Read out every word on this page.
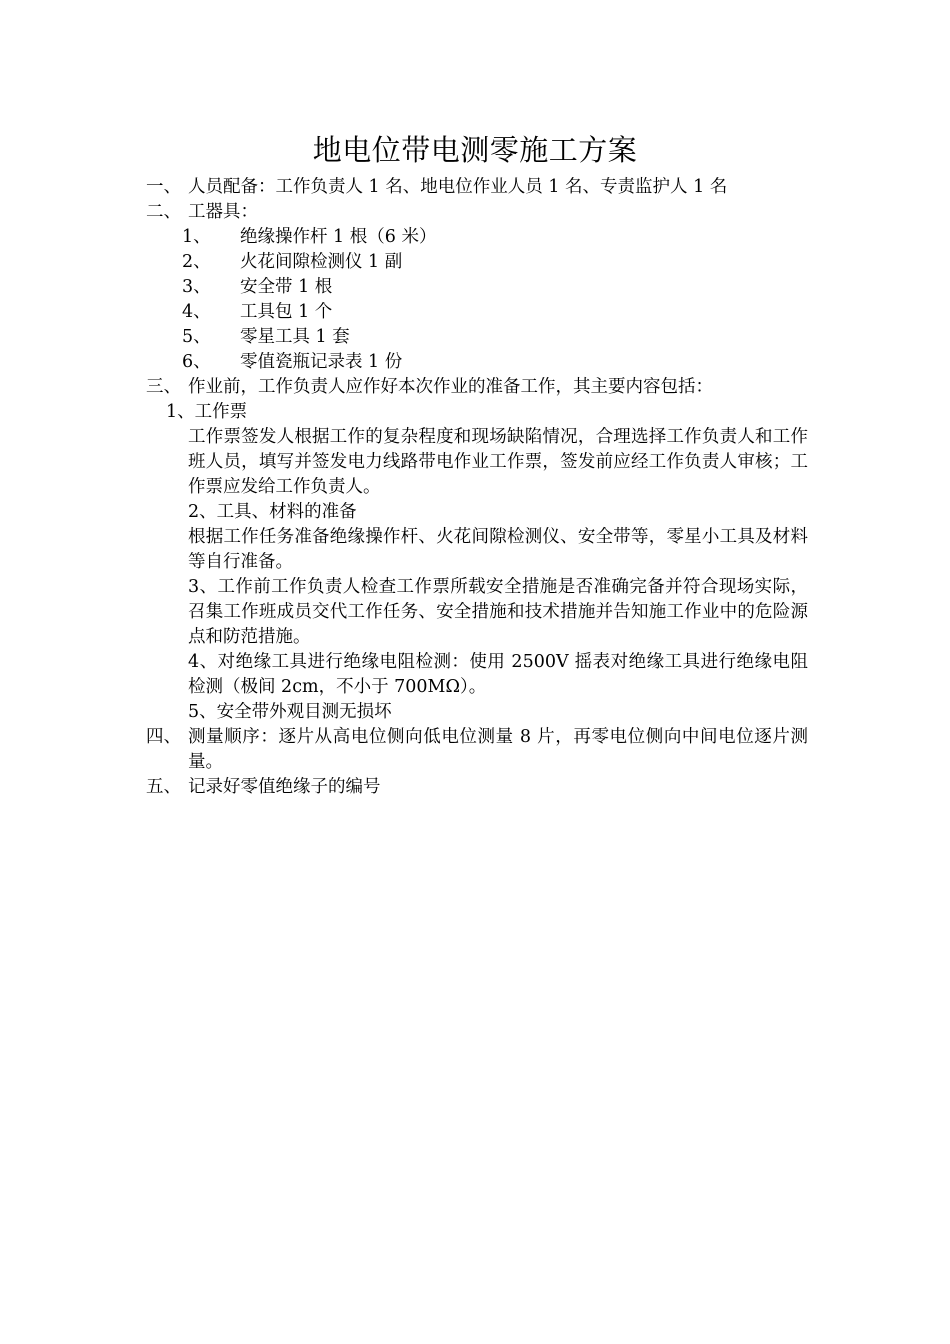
地电位带电测零施工方案
一、 人员配备：工作负责人 1 名、地电位作业人员 1 名、专责监护人 1 名
二、 工器具：
1、 绝缘操作杆 1 根（6 米）
2、 火花间隙检测仪 1 副
3、 安全带 1 根
4、 工具包 1 个
5、 零星工具 1 套
6、 零值瓷瓶记录表 1 份
三、 作业前，工作负责人应作好本次作业的准备工作，其主要内容包括：
1、工作票
工作票签发人根据工作的复杂程度和现场缺陷情况，合理选择工作负责人和工作班人员，填写并签发电力线路带电作业工作票，签发前应经工作负责人审核；工作票应发给工作负责人。
2、工具、材料的准备
根据工作任务准备绝缘操作杆、火花间隙检测仪、安全带等，零星小工具及材料等自行准备。
3、工作前工作负责人检查工作票所载安全措施是否准确完备并符合现场实际，召集工作班成员交代工作任务、安全措施和技术措施并告知施工作业中的危险源点和防范措施。
4、对绝缘工具进行绝缘电阻检测：使用 2500V 摇表对绝缘工具进行绝缘电阻检测（极间 2cm，不小于 700MΩ）。
5、安全带外观目测无损坏
四、 测量顺序：逐片从高电位侧向低电位测量 8 片，再零电位侧向中间电位逐片测量。
五、 记录好零值绝缘子的编号
